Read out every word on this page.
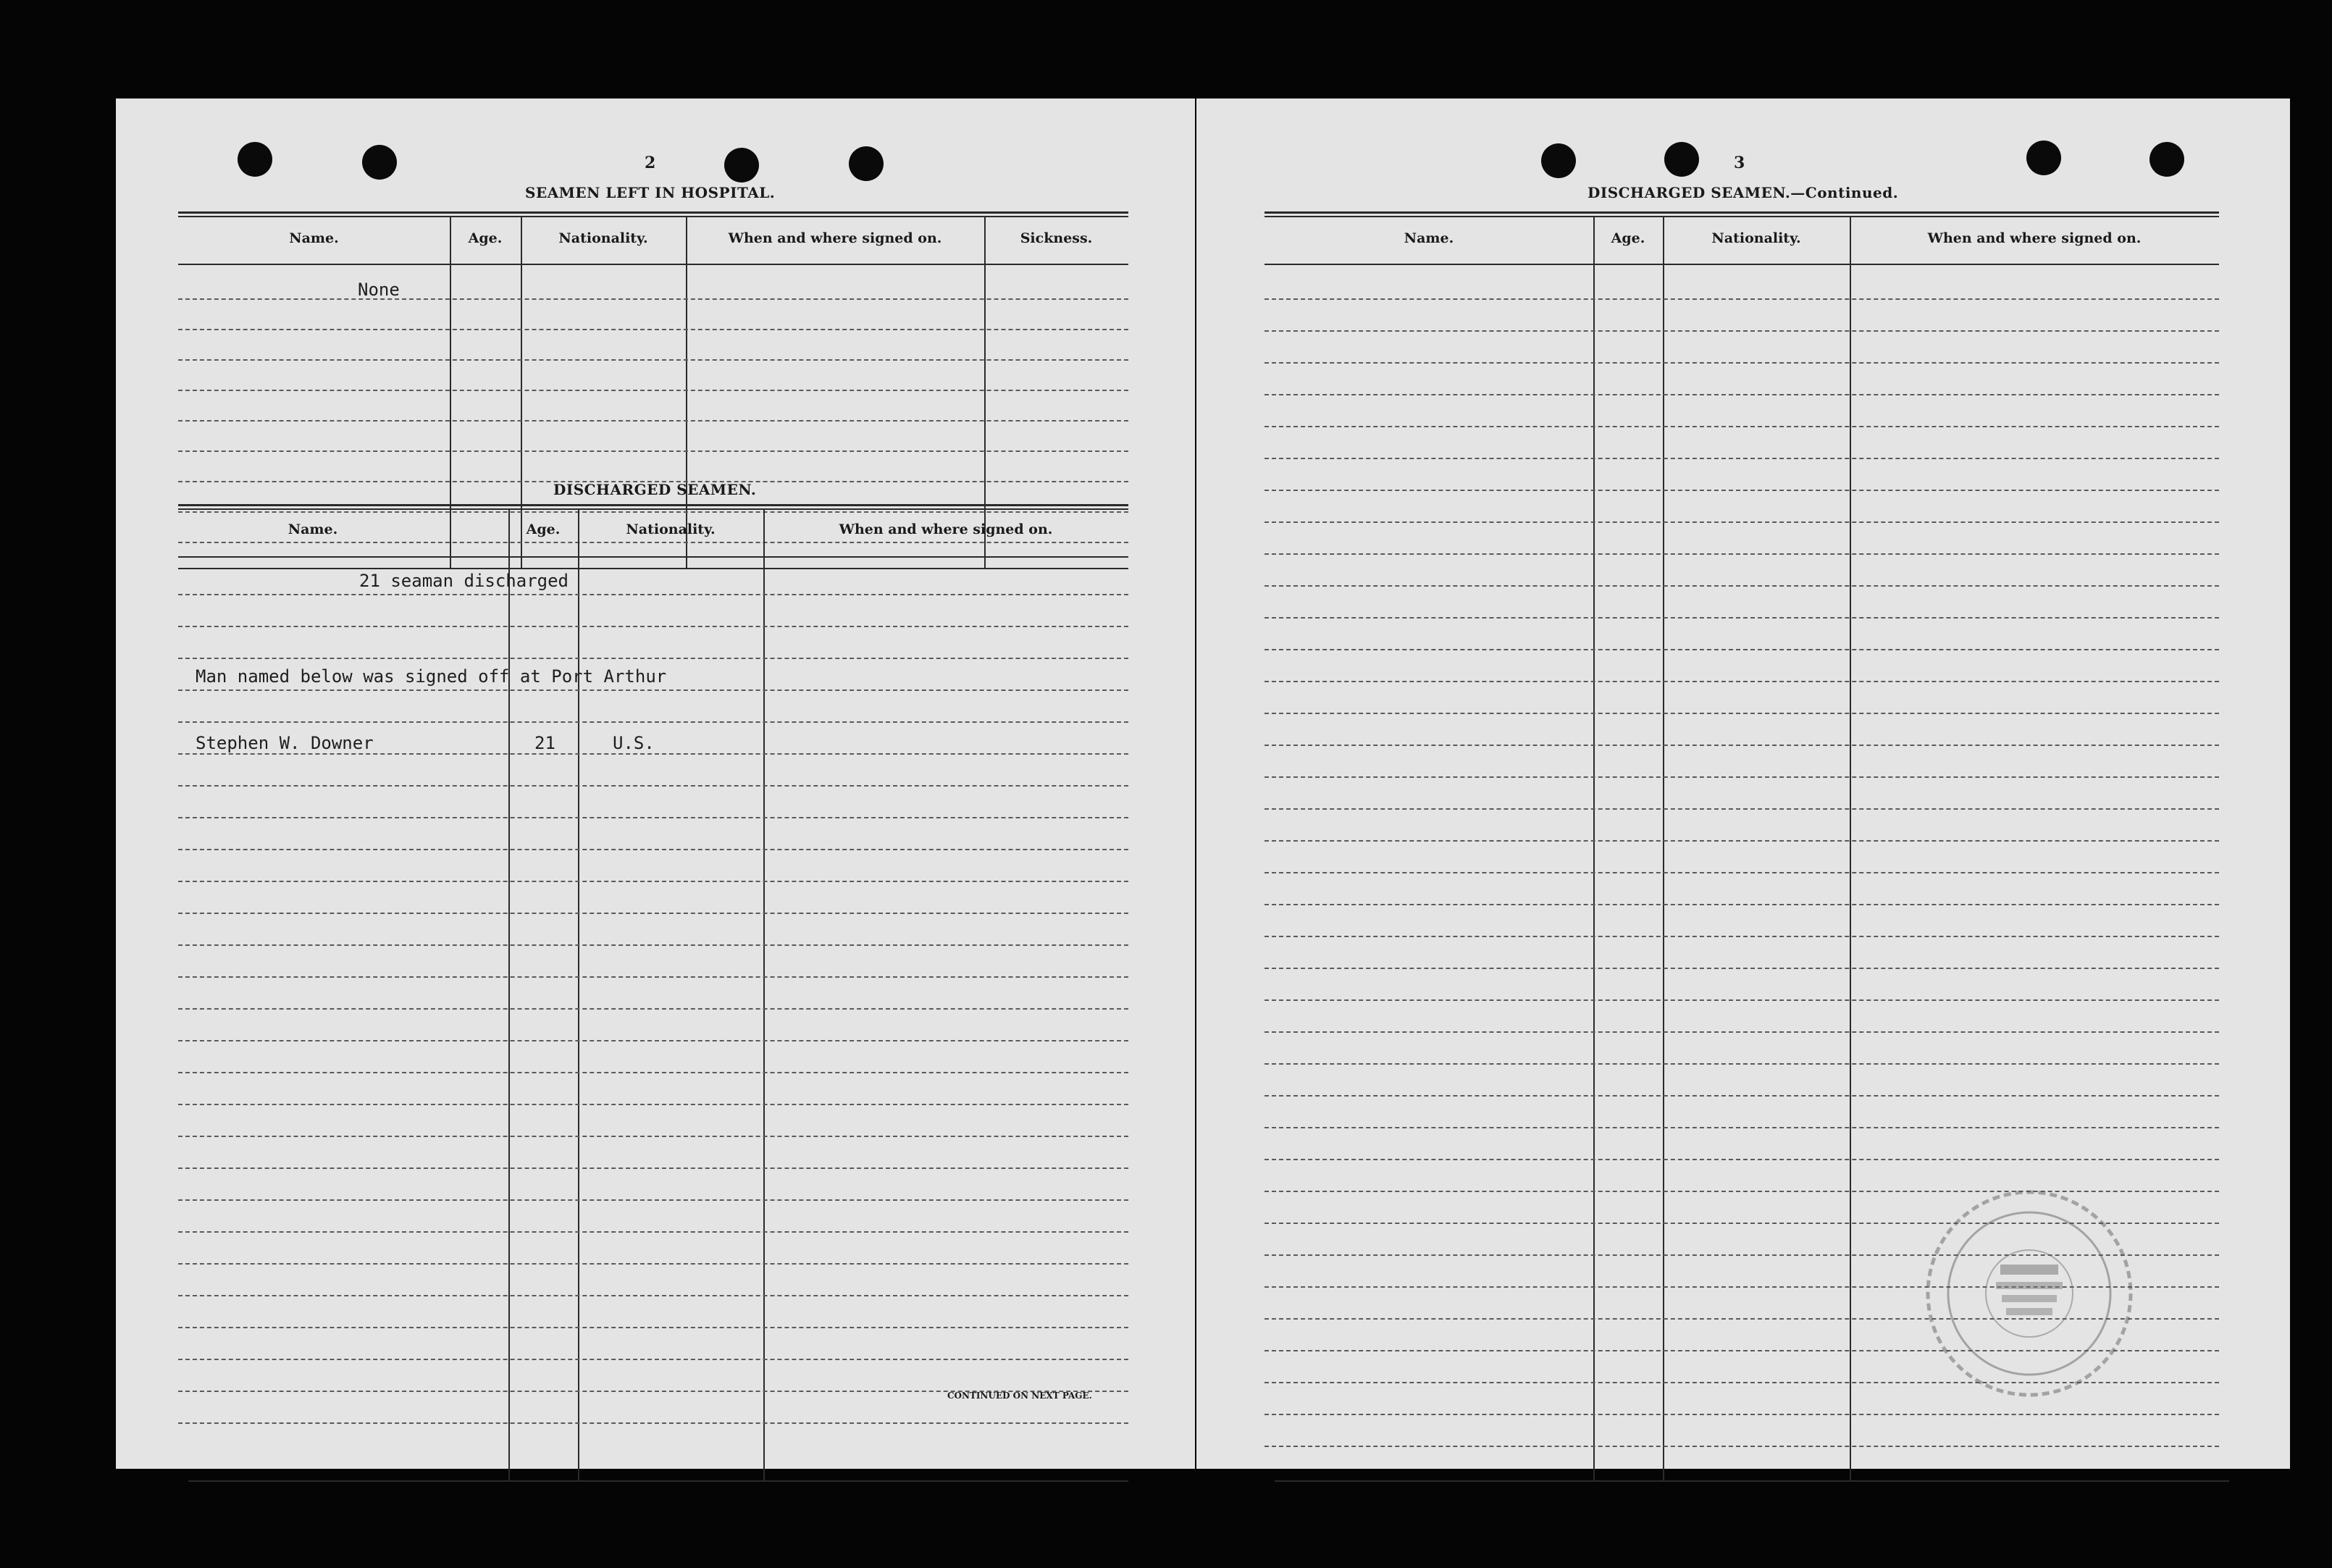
2
SEAMEN LEFT IN HOSPITAL.
Name.	Age.	Nationality.	When and where signed on.	Sickness.
None
DISCHARGED SEAMEN.
Name.	Age.	Nationality.	When and where signed on.
21 seaman discharged
Man named below was signed off at Port Arthur
Stephen W. Downer	21	U.S.
CONTINUED ON NEXT PAGE.
3
DISCHARGED SEAMEN.—Continued.
Name.	Age.	Nationality.	When and where signed on.
